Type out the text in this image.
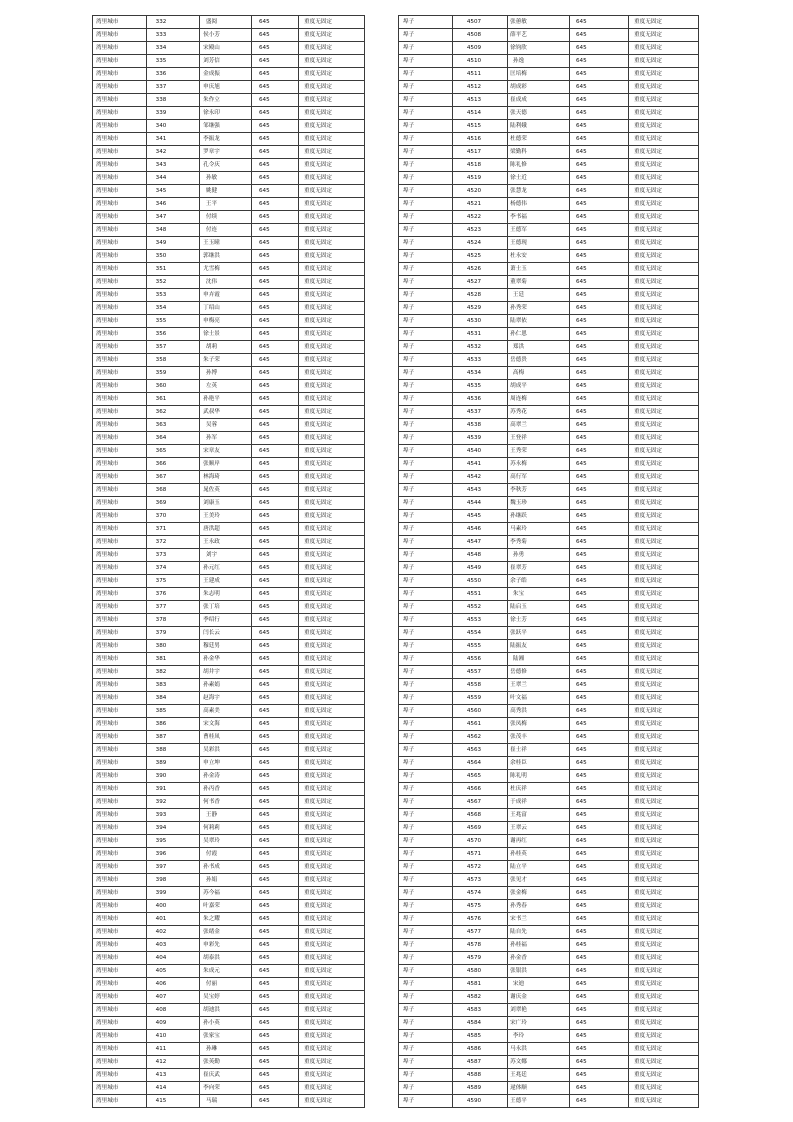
湾里城市	332	盛阅	645	重度无固定
湾里城市	333	侯小芳	645	重度无固定
湾里城市	334	宋殿山	645	重度无固定
湾里城市	335	刘芳信	645	重度无固定
湾里城市	336	金成振	645	重度无固定
湾里城市	337	申庆旭	645	重度无固定
湾里城市	338	朱作立	645	重度无固定
湾里城市	339	徐永印	645	重度无固定
湾里城市	340	邹继强	645	重度无固定
湾里城市	341	李振龙	645	重度无固定
湾里城市	342	罗章宇	645	重度无固定
湾里城市	343	孔令庆	645	重度无固定
湾里城市	344	孙敏	645	重度无固定
湾里城市	345	姚健	645	重度无固定
湾里城市	346	王平	645	重度无固定
湾里城市	347	付续	645	重度无固定
湾里城市	348	付连	645	重度无固定
湾里城市	349	王玉曈	645	重度无固定
湾里城市	350	郭继洪	645	重度无固定
湾里城市	351	尤雪梅	645	重度无固定
湾里城市	352	沈伟	645	重度无固定
湾里城市	353	申卉霞	645	重度无固定
湾里城市	354	丁绍山	645	重度无固定
湾里城市	355	申梅亮	645	重度无固定
湾里城市	356	徐士景	645	重度无固定
湾里城市	357	胡莉	645	重度无固定
湾里城市	358	朱子荣	645	重度无固定
湾里城市	359	孙博	645	重度无固定
湾里城市	360	左英	645	重度无固定
湾里城市	361	孙艳平	645	重度无固定
湾里城市	362	武叔华	645	重度无固定
湾里城市	363	吴蓉	645	重度无固定
湾里城市	364	孙军	645	重度无固定
湾里城市	365	宋章友	645	重度无固定
湾里城市	366	张顺岸	645	重度无固定
湾里城市	367	林海琦	645	重度无固定
湾里城市	368	晁佐英	645	重度无固定
湾里城市	369	刘康玉	645	重度无固定
湾里城市	370	王美玲	645	重度无固定
湾里城市	371	唐洪超	645	重度无固定
湾里城市	372	王永政	645	重度无固定
湾里城市	373	刘宇	645	重度无固定
湾里城市	374	孙元红	645	重度无固定
湾里城市	375	王建成	645	重度无固定
湾里城市	376	朱志明	645	重度无固定
湾里城市	377	张丁培	645	重度无固定
湾里城市	378	季绍行	645	重度无固定
湾里城市	379	闫长云	645	重度无固定
湾里城市	380	穆廷男	645	重度无固定
湾里城市	381	孙金华	645	重度无固定
湾里城市	382	胡井宇	645	重度无固定
湾里城市	383	孙素娟	645	重度无固定
湾里城市	384	赵海宇	645	重度无固定
湾里城市	385	高素美	645	重度无固定
湾里城市	386	宋文海	645	重度无固定
湾里城市	387	曹桂凤	645	重度无固定
湾里城市	388	吴彩洪	645	重度无固定
湾里城市	389	申立坤	645	重度无固定
湾里城市	390	孙金涛	645	重度无固定
湾里城市	391	孙丙香	645	重度无固定
湾里城市	392	何书香	645	重度无固定
湾里城市	393	王静	645	重度无固定
湾里城市	394	何莉莉	645	重度无固定
湾里城市	395	吴翠玲	645	重度无固定
湾里城市	396	付霞	645	重度无固定
湾里城市	397	孙书成	645	重度无固定
湾里城市	398	孙娟	645	重度无固定
湾里城市	399	苏今福	645	重度无固定
湾里城市	400	叶嘉荣	645	重度无固定
湾里城市	401	朱之耀	645	重度无固定
湾里城市	402	张绪金	645	重度无固定
湾里城市	403	申彩先	645	重度无固定
湾里城市	404	胡泰洪	645	重度无固定
湾里城市	405	朱成元	645	重度无固定
湾里城市	406	付丽	645	重度无固定
湾里城市	407	吴宝婷	645	重度无固定
湾里城市	408	胡迪洪	645	重度无固定
湾里城市	409	孙小英	645	重度无固定
湾里城市	410	张家宝	645	重度无固定
湾里城市	411	孙琳	645	重度无固定
湾里城市	412	张英勤	645	重度无固定
湾里城市	413	崔庆武	645	重度无固定
湾里城市	414	李向荣	645	重度无固定
湾里城市	415	马瑞	645	重度无固定
埠子	4507	张蕙敏	645	重度无固定
埠子	4508	薛平艺	645	重度无固定
埠子	4509	徐钧欣	645	重度无固定
埠子	4510	孙逸	645	重度无固定
埠子	4511	匡培梅	645	重度无固定
埠子	4512	胡成彩	645	重度无固定
埠子	4513	崔成成	645	重度无固定
埠子	4514	张天德	645	重度无固定
埠子	4515	陆利娥	645	重度无固定
埠子	4516	杜德荣	645	重度无固定
埠子	4517	梁勤科	645	重度无固定
埠子	4518	陈礼修	645	重度无固定
埠子	4519	徐士近	645	重度无固定
埠子	4520	张慧龙	645	重度无固定
埠子	4521	杨德伟	645	重度无固定
埠子	4522	李书福	645	重度无固定
埠子	4523	王德军	645	重度无固定
埠子	4524	王德现	645	重度无固定
埠子	4525	杜永安	645	重度无固定
埠子	4526	萧士玉	645	重度无固定
埠子	4527	董翠菊	645	重度无固定
埠子	4528	王廷	645	重度无固定
埠子	4529	孙秀荣	645	重度无固定
埠子	4530	陆翠依	645	重度无固定
埠子	4531	孙仁恩	645	重度无固定
埠子	4532	郑洪	645	重度无固定
埠子	4533	岳德贵	645	重度无固定
埠子	4534	高梅	645	重度无固定
埠子	4535	胡成平	645	重度无固定
埠子	4536	周连梅	645	重度无固定
埠子	4537	苏秀花	645	重度无固定
埠子	4538	高翠兰	645	重度无固定
埠子	4539	王登祥	645	重度无固定
埠子	4540	王秀荣	645	重度无固定
埠子	4541	苏永梅	645	重度无固定
埠子	4542	高行军	645	重度无固定
埠子	4543	李秋芳	645	重度无固定
埠子	4544	魏玉珍	645	重度无固定
埠子	4545	孙继跃	645	重度无固定
埠子	4546	马素玲	645	重度无固定
埠子	4547	李秀菊	645	重度无固定
埠子	4548	孙勇	645	重度无固定
埠子	4549	崔翠芳	645	重度无固定
埠子	4550	余子皓	645	重度无固定
埠子	4551	朱宝	645	重度无固定
埠子	4552	陆启玉	645	重度无固定
埠子	4553	徐士芳	645	重度无固定
埠子	4554	张跃平	645	重度无固定
埠子	4555	陆振友	645	重度无固定
埠子	4556	陆湘	645	重度无固定
埠子	4557	岳德修	645	重度无固定
埠子	4558	王翠兰	645	重度无固定
埠子	4559	叶文福	645	重度无固定
埠子	4560	高秀洪	645	重度无固定
埠子	4561	张凤梅	645	重度无固定
埠子	4562	张茂丰	645	重度无固定
埠子	4563	崔士祥	645	重度无固定
埠子	4564	余桂臣	645	重度无固定
埠子	4565	陈礼明	645	重度无固定
埠子	4566	杜庆祥	645	重度无固定
埠子	4567	于成祥	645	重度无固定
埠子	4568	王兆富	645	重度无固定
埠子	4569	王翠云	645	重度无固定
埠子	4570	谢再红	645	重度无固定
埠子	4571	孙桂英	645	重度无固定
埠子	4572	陆立平	645	重度无固定
埠子	4573	张见才	645	重度无固定
埠子	4574	张金梅	645	重度无固定
埠子	4575	孙秀春	645	重度无固定
埠子	4576	宋书兰	645	重度无固定
埠子	4577	陆自先	645	重度无固定
埠子	4578	孙桂福	645	重度无固定
埠子	4579	孙金香	645	重度无固定
埠子	4580	张银洪	645	重度无固定
埠子	4581	宋迪	645	重度无固定
埠子	4582	谢庆金	645	重度无固定
埠子	4583	刘翠艳	645	重度无固定
埠子	4584	宋广玲	645	重度无固定
埠子	4585	李玲	645	重度无固定
埠子	4586	马永洪	645	重度无固定
埠子	4587	苏文娜	645	重度无固定
埠子	4588	王兆廷	645	重度无固定
埠子	4589	逯体顺	645	重度无固定
埠子	4590	王德平	645	重度无固定
